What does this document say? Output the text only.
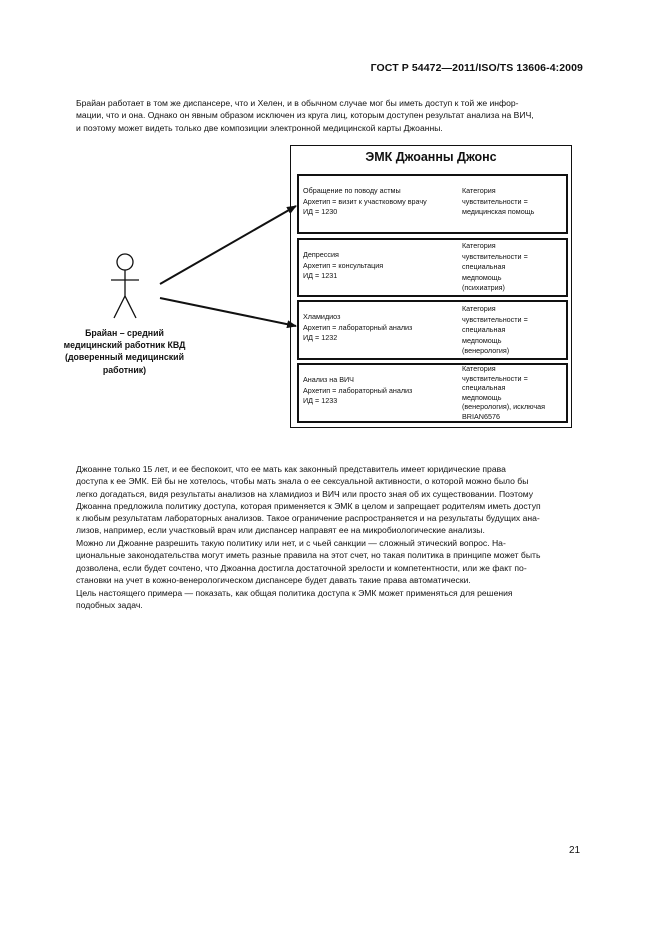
ГОСТ Р 54472—2011/ISO/TS 13606-4:2009
Брайан работает в том же диспансере, что и Хелен, и в обычном случае мог бы иметь доступ к той же инфор-
мации, что и она. Однако он явным образом исключен из круга лиц, которым доступен результат анализа на ВИЧ,
и поэтому может видеть только две композиции электронной медицинской карты Джоанны.
Брайан – средний
медицинский работник КВД
(доверенный медицинский
работник)
ЭМК Джоанны Джонс
Обращение по поводу астмы
Архетип = визит к участковому врачу
ИД = 1230
Категория
чувствительности =
медицинская помощь
Депрессия
Архетип = консультация
ИД = 1231
Категория
чувствительности =
специальная
медпомощь
(психиатрия)
Хламидиоз
Архетип = лабораторный анализ
ИД = 1232
Категория
чувствительности =
специальная
медпомощь
(венерология)
Анализ на ВИЧ
Архетип = лабораторный анализ
ИД = 1233
Категория
чувствительности =
специальная
медпомощь
(венерология), исключая
BRIAN6576
Джоанне только 15 лет, и ее беспокоит, что ее мать как законный представитель имеет юридические права
доступа к ее ЭМК. Ей бы не хотелось, чтобы мать знала о ее сексуальной активности, о которой можно было бы
легко догадаться, видя результаты анализов на хламидиоз и ВИЧ или просто зная об их существовании. Поэтому
Джоанна предложила политику доступа, которая применяется к ЭМК в целом и запрещает родителям иметь доступ
к любым результатам лабораторных анализов. Такое ограничение распространяется и на результаты будущих ана-
лизов, например, если участковый врач или диспансер направят ее на микробиологические анализы.
Можно ли Джоанне разрешить такую политику или нет, и с чьей санкции — сложный этический вопрос. На-
циональные законодательства могут иметь разные правила на этот счет, но такая политика в принципе может быть
дозволена, если будет сочтено, что Джоанна достигла достаточной зрелости и компетентности, или же факт по-
становки на учет в кожно-венерологическом диспансере будет давать такие права автоматически.
Цель настоящего примера — показать, как общая политика доступа к ЭМК может применяться для решения
подобных задач.
21
